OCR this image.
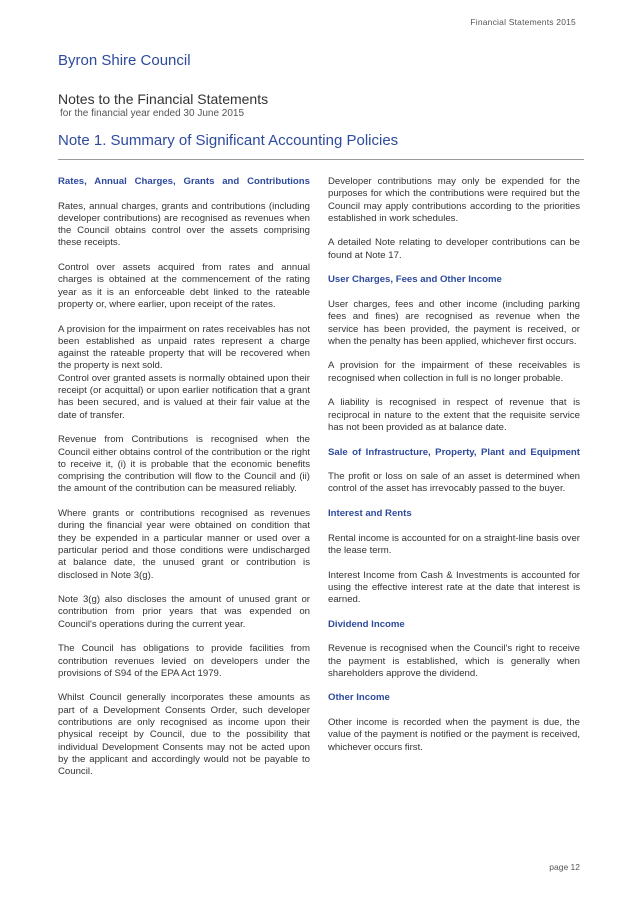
Financial Statements 2015
Byron Shire Council
Notes to the Financial Statements
for the financial year ended 30 June 2015
Note 1. Summary of Significant Accounting Policies
Rates, Annual Charges, Grants and Contributions

Rates, annual charges, grants and contributions (including developer contributions) are recognised as revenues when the Council obtains control over the assets comprising these receipts.

Control over assets acquired from rates and annual charges is obtained at the commencement of the rating year as it is an enforceable debt linked to the rateable property or, where earlier, upon receipt of the rates.

A provision for the impairment on rates receivables has not been established as unpaid rates represent a charge against the rateable property that will be recovered when the property is next sold.

Control over granted assets is normally obtained upon their receipt (or acquittal) or upon earlier notification that a grant has been secured, and is valued at their fair value at the date of transfer.

Revenue from Contributions is recognised when the Council either obtains control of the contribution or the right to receive it, (i) it is probable that the economic benefits comprising the contribution will flow to the Council and (ii) the amount of the contribution can be measured reliably.

Where grants or contributions recognised as revenues during the financial year were obtained on condition that they be expended in a particular manner or used over a particular period and those conditions were undischarged at balance date, the unused grant or contribution is disclosed in Note 3(g).

Note 3(g) also discloses the amount of unused grant or contribution from prior years that was expended on Council's operations during the current year.

The Council has obligations to provide facilities from contribution revenues levied on developers under the provisions of S94 of the EPA Act 1979.

Whilst Council generally incorporates these amounts as part of a Development Consents Order, such developer contributions are only recognised as income upon their physical receipt by Council, due to the possibility that individual Development Consents may not be acted upon by the applicant and accordingly would not be payable to Council.

Developer contributions may only be expended for the purposes for which the contributions were required but the Council may apply contributions according to the priorities established in work schedules.

A detailed Note relating to developer contributions can be found at Note 17.

User Charges, Fees and Other Income

User charges, fees and other income (including parking fees and fines) are recognised as revenue when the service has been provided, the payment is received, or when the penalty has been applied, whichever first occurs.

A provision for the impairment of these receivables is recognised when collection in full is no longer probable.

A liability is recognised in respect of revenue that is reciprocal in nature to the extent that the requisite service has not been provided as at balance date.

Sale of Infrastructure, Property, Plant and Equipment

The profit or loss on sale of an asset is determined when control of the asset has irrevocably passed to the buyer.

Interest and Rents

Rental income is accounted for on a straight-line basis over the lease term.

Interest Income from Cash & Investments is accounted for using the effective interest rate at the date that interest is earned.

Dividend Income

Revenue is recognised when the Council's right to receive the payment is established, which is generally when shareholders approve the dividend.

Other Income

Other income is recorded when the payment is due, the value of the payment is notified or the payment is received, whichever occurs first.

page 12
